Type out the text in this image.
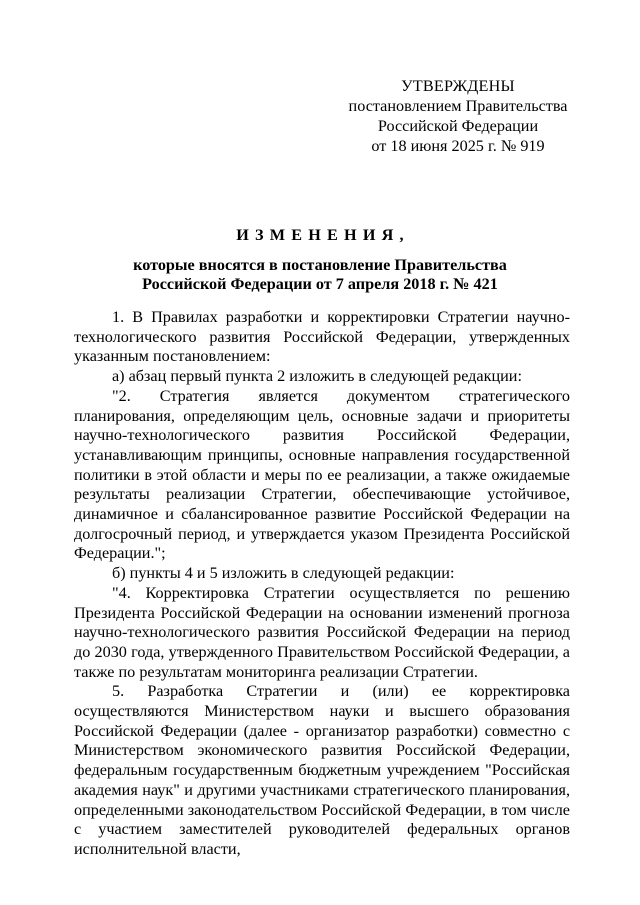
УТВЕРЖДЕНЫ
постановлением Правительства
Российской Федерации
от 18 июня 2025 г. № 919
ИЗМЕНЕНИЯ,
которые вносятся в постановление Правительства
Российской Федерации от 7 апреля 2018 г. № 421

1. В Правилах разработки и корректировки Стратегии научно-технологического развития Российской Федерации, утвержденных указанным постановлением:

а) абзац первый пункта 2 изложить в следующей редакции:

"2. Стратегия является документом стратегического планирования, определяющим цель, основные задачи и приоритеты научно-технологического развития Российской Федерации, устанавливающим принципы, основные направления государственной политики в этой области и меры по ее реализации, а также ожидаемые результаты реализации Стратегии, обеспечивающие устойчивое, динамичное и сбалансированное развитие Российской Федерации на долгосрочный период, и утверждается указом Президента Российской Федерации.";

б) пункты 4 и 5 изложить в следующей редакции:

"4. Корректировка Стратегии осуществляется по решению Президента Российской Федерации на основании изменений прогноза научно-технологического развития Российской Федерации на период до 2030 года, утвержденного Правительством Российской Федерации, а также по результатам мониторинга реализации Стратегии.

5. Разработка Стратегии и (или) ее корректировка осуществляются Министерством науки и высшего образования Российской Федерации (далее - организатор разработки) совместно с Министерством экономического развития Российской Федерации, федеральным государственным бюджетным учреждением "Российская академия наук" и другими участниками стратегического планирования, определенными законодательством Российской Федерации, в том числе с участием заместителей руководителей федеральных органов исполнительной власти,
